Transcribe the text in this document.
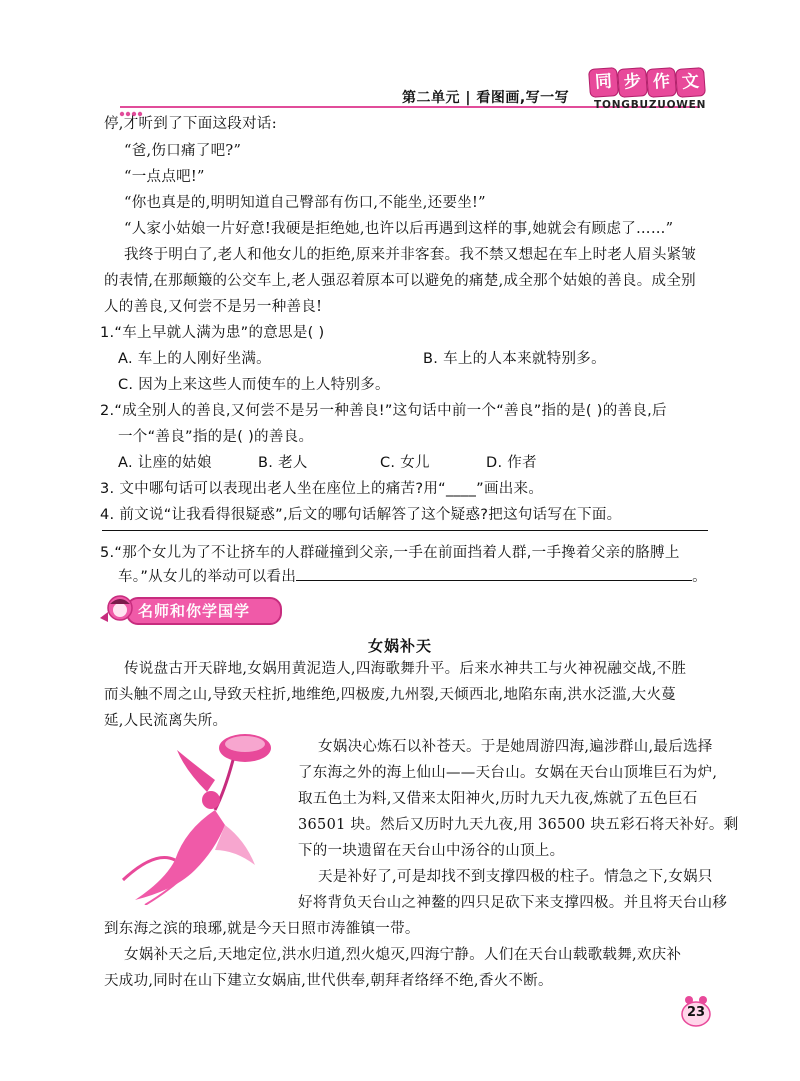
第二单元 | 看图画,写一写
同 步 作 文
TONGBUZUOWEN
停,才听到了下面这段对话:
“爸,伤口痛了吧?”
“一点点吧!”
“你也真是的,明明知道自己臀部有伤口,不能坐,还要坐!”
“人家小姑娘一片好意!我硬是拒绝她,也许以后再遇到这样的事,她就会有顾虑了……”
我终于明白了,老人和他女儿的拒绝,原来并非客套。我不禁又想起在车上时老人眉头紧皱
的表情,在那颠簸的公交车上,老人强忍着原本可以避免的痛楚,成全那个姑娘的善良。成全别
人的善良,又何尝不是另一种善良!
1.“车上早就人满为患”的意思是( )
A. 车上的人刚好坐满。	B. 车上的人本来就特别多。
C. 因为上来这些人而使车的上人特别多。
2.“成全别人的善良,又何尝不是另一种善良!”这句话中前一个“善良”指的是( )的善良,后
一个“善良”指的是( )的善良。
A. 让座的姑娘	B. 老人	C. 女儿	D. 作者
3. 文中哪句话可以表现出老人坐在座位上的痛苦?用“____”画出来。
4. 前文说“让我看得很疑惑”,后文的哪句话解答了这个疑惑?把这句话写在下面。
5.“那个女儿为了不让挤车的人群碰撞到父亲,一手在前面挡着人群,一手搀着父亲的胳膊上
车。”从女儿的举动可以看出	。
名师和你学国学
女娲补天
传说盘古开天辟地,女娲用黄泥造人,四海歌舞升平。后来水神共工与火神祝融交战,不胜
而头触不周之山,导致天柱折,地维绝,四极废,九州裂,天倾西北,地陷东南,洪水泛滥,大火蔓
延,人民流离失所。
女娲决心炼石以补苍天。于是她周游四海,遍涉群山,最后选择
了东海之外的海上仙山——天台山。女娲在天台山顶堆巨石为炉,
取五色土为料,又借来太阳神火,历时九天九夜,炼就了五色巨石
36501 块。然后又历时九天九夜,用 36500 块五彩石将天补好。剩
下的一块遗留在天台山中汤谷的山顶上。
天是补好了,可是却找不到支撑四极的柱子。情急之下,女娲只
好将背负天台山之神鳌的四只足砍下来支撑四极。并且将天台山移
到东海之滨的琅琊,就是今天日照市涛雒镇一带。
女娲补天之后,天地定位,洪水归道,烈火熄灭,四海宁静。人们在天台山载歌载舞,欢庆补
天成功,同时在山下建立女娲庙,世代供奉,朝拜者络绎不绝,香火不断。
23
